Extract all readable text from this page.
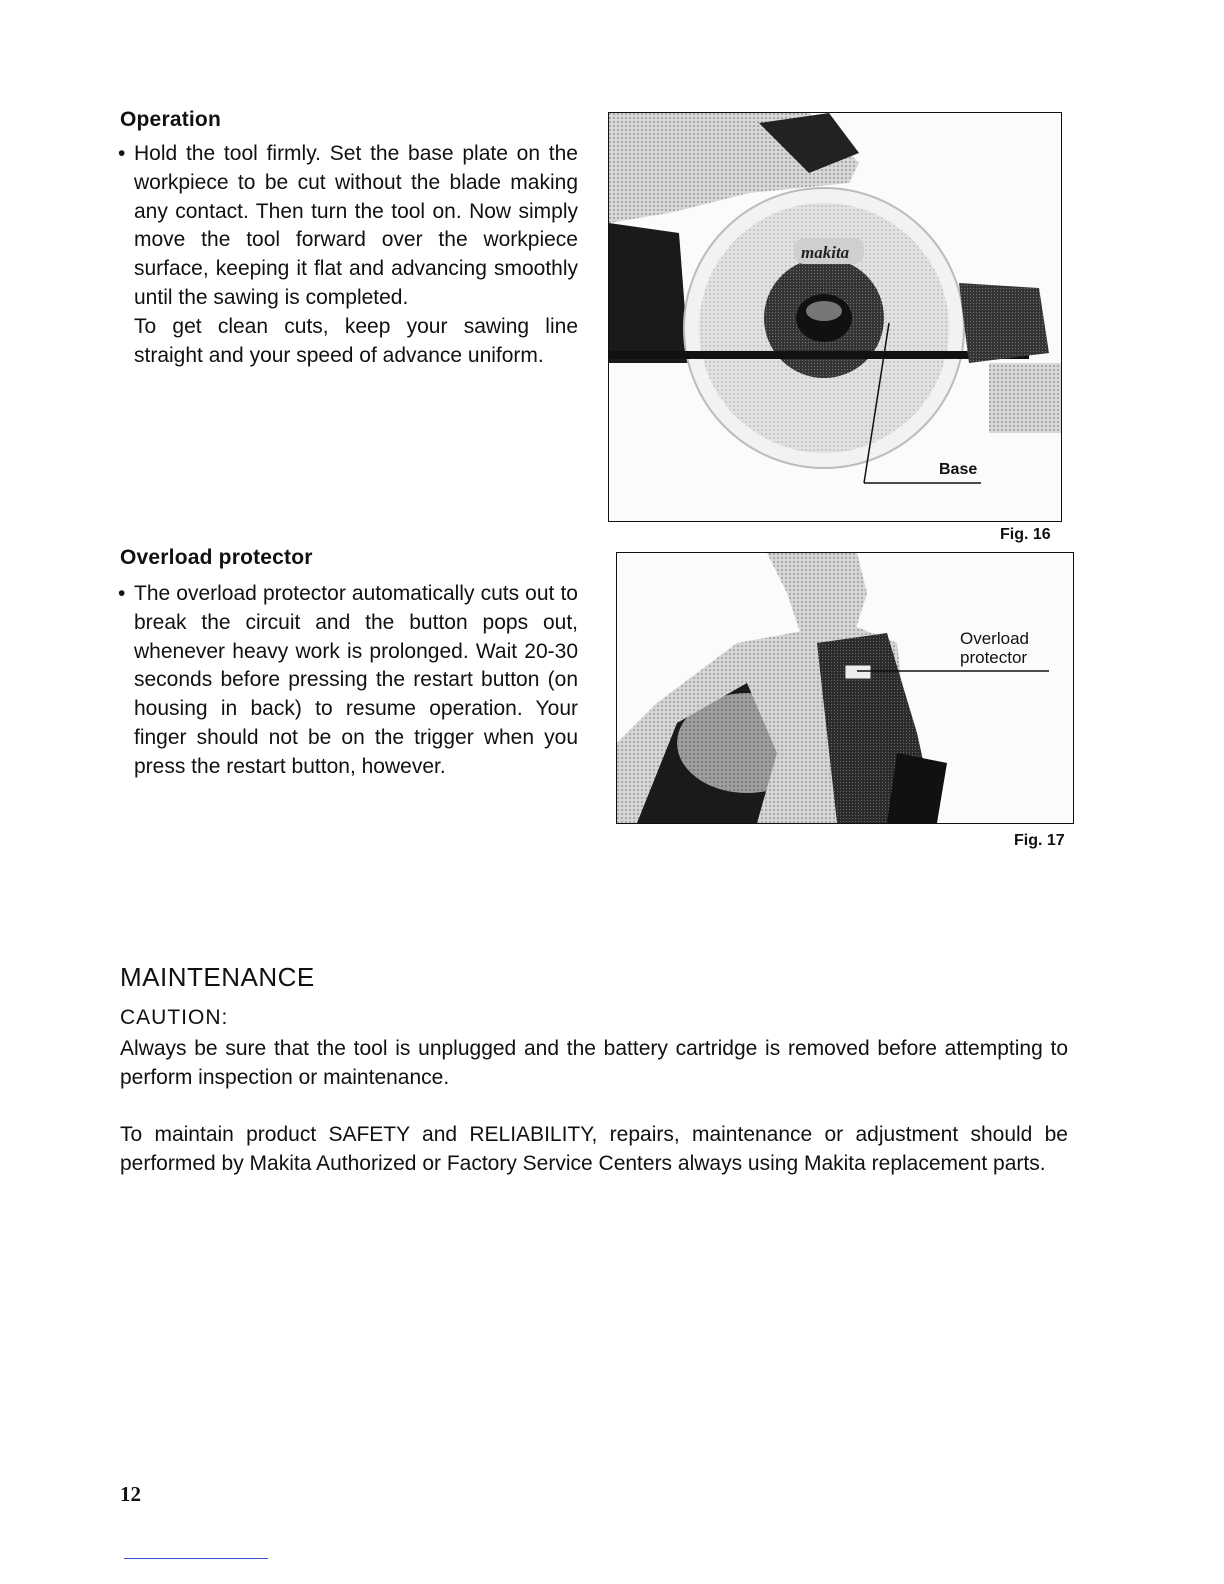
Operation
• Hold the tool firmly. Set the base plate on the workpiece to be cut without the blade making any contact. Then turn the tool on. Now simply move the tool forward over the workpiece surface, keeping it flat and advancing smoothly until the sawing is completed.

To get clean cuts, keep your sawing line straight and your speed of advance uniform.

makita
Base
Fig. 16
Overload protector
• The overload protector automatically cuts out to break the circuit and the button pops out, whenever heavy work is prolonged. Wait 20-30 seconds before pressing the restart button (on housing in back) to resume operation. Your finger should not be on the trigger when you press the restart button, however.

Overload
protector
Fig. 17
MAINTENANCE
CAUTION:

Always be sure that the tool is unplugged and the battery cartridge is removed before attempting to perform inspection or maintenance.

To maintain product SAFETY and RELIABILITY, repairs, maintenance or adjustment should be performed by Makita Authorized or Factory Service Centers always using Makita replacement parts.

12
